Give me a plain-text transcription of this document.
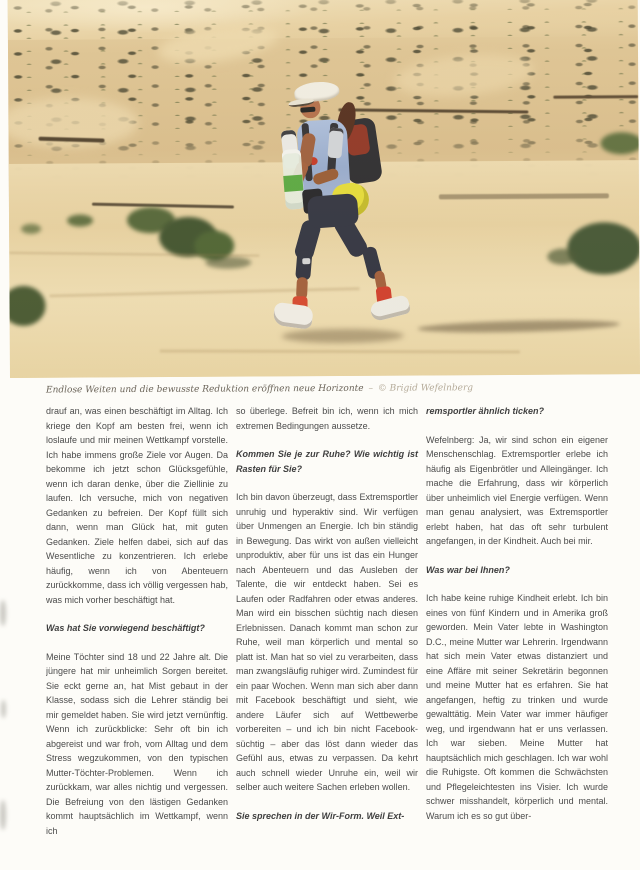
Endlose Weiten und die bewusste Reduktion eröffnen neue Horizonte – © Brigid Wefelnberg

drauf an, was einen beschäftigt im Alltag. Ich kriege den Kopf am besten frei, wenn ich loslaufe und mir meinen Wettkampf vorstelle. Ich habe immens große Ziele vor Augen. Da bekomme ich jetzt schon Glücksgefühle, wenn ich daran denke, über die Ziellinie zu laufen. Ich versuche, mich von negativen Gedanken zu befreien. Der Kopf füllt sich dann, wenn man Glück hat, mit guten Gedanken. Ziele helfen dabei, sich auf das Wesentliche zu konzentrieren. Ich erlebe häufig, wenn ich von Abenteuern zurückkomme, dass ich völlig vergessen hab, was mich vorher beschäftigt hat.

Was hat Sie vorwiegend beschäftigt?

Meine Töchter sind 18 und 22 Jahre alt. Die jüngere hat mir unheimlich Sorgen bereitet. Sie eckt gerne an, hat Mist gebaut in der Klasse, sodass sich die Lehrer ständig bei mir gemeldet haben. Sie wird jetzt vernünftig. Wenn ich zurückblicke: Sehr oft bin ich abgereist und war froh, vom Alltag und dem Stress wegzukommen, von den typischen Mutter-Töchter-Problemen. Wenn ich zurückkam, war alles nichtig und vergessen. Die Befreiung von den lästigen Gedanken kommt hauptsächlich im Wettkampf, wenn ich

so überlege. Befreit bin ich, wenn ich mich extremen Bedingungen aussetze.

Kommen Sie je zur Ruhe? Wie wichtig ist Rasten für Sie?

Ich bin davon überzeugt, dass Extremsportler unruhig und hyperaktiv sind. Wir verfügen über Unmengen an Energie. Ich bin ständig in Bewegung. Das wirkt von außen vielleicht unproduktiv, aber für uns ist das ein Hunger nach Abenteuern und das Ausleben der Talente, die wir entdeckt haben. Sei es Laufen oder Radfahren oder etwas anderes. Man wird ein bisschen süchtig nach diesen Erlebnissen. Danach kommt man schon zur Ruhe, weil man körperlich und mental so platt ist. Man hat so viel zu verarbeiten, dass man zwangsläufig ruhiger wird. Zumindest für ein paar Wochen. Wenn man sich aber dann mit Facebook beschäftigt und sieht, wie andere Läufer sich auf Wettbewerbe vorbereiten – und ich bin nicht Facebook-süchtig – aber das löst dann wieder das Gefühl aus, etwas zu verpassen. Da kehrt auch schnell wieder Unruhe ein, weil wir selber auch weitere Sachen erleben wollen.

Sie sprechen in der Wir-Form. Weil Ext-

remsportler ähnlich ticken?

Wefelnberg: Ja, wir sind schon ein eigener Menschenschlag. Extremsportler erlebe ich häufig als Eigenbrötler und Alleingänger. Ich mache die Erfahrung, dass wir körperlich über unheimlich viel Energie verfügen. Wenn man genau analysiert, was Extremsportler erlebt haben, hat das oft sehr turbulent angefangen, in der Kindheit. Auch bei mir.

Was war bei Ihnen?

Ich habe keine ruhige Kindheit erlebt. Ich bin eines von fünf Kindern und in Amerika groß geworden. Mein Vater lebte in Washington D.C., meine Mutter war Lehrerin. Irgendwann hat sich mein Vater etwas distanziert und eine Affäre mit seiner Sekretärin begonnen und meine Mutter hat es erfahren. Sie hat angefangen, heftig zu trinken und wurde gewalttätig. Mein Vater war immer häufiger weg, und irgendwann hat er uns verlassen. Ich war sieben. Meine Mutter hat hauptsächlich mich geschlagen. Ich war wohl die Ruhigste. Oft kommen die Schwächsten und Pflegeleichtesten ins Visier. Ich wurde schwer misshandelt, körperlich und mental. Warum ich es so gut über-
